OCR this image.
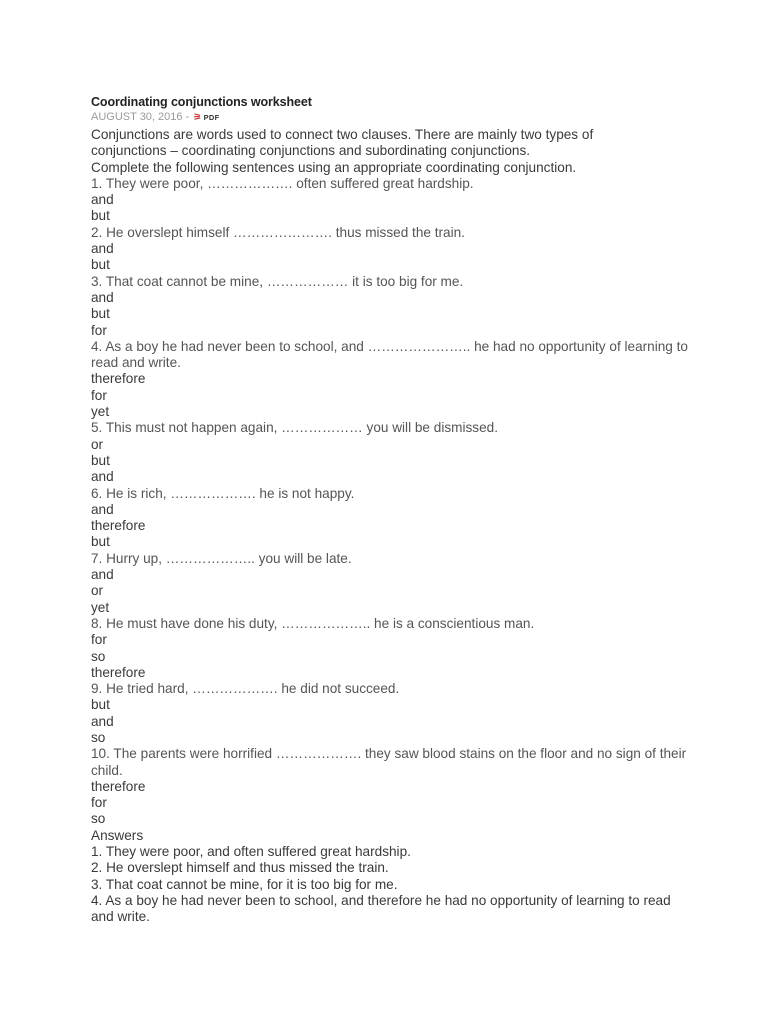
Coordinating conjunctions worksheet
AUGUST 30, 2016 - ⚞ PDF
Conjunctions are words used to connect two clauses. There are mainly two types of
conjunctions – coordinating conjunctions and subordinating conjunctions.
Complete the following sentences using an appropriate coordinating conjunction.
1. They were poor, ………………. often suffered great hardship.
and
but
2. He overslept himself …………………. thus missed the train.
and
but
3. That coat cannot be mine, ……………… it is too big for me.
and
but
for
4. As a boy he had never been to school, and ………………….. he had no opportunity of learning to read and write.
therefore
for
yet
5. This must not happen again, ……………… you will be dismissed.
or
but
and
6. He is rich, ………………. he is not happy.
and
therefore
but
7. Hurry up, ……………….. you will be late.
and
or
yet
8. He must have done his duty, ……………….. he is a conscientious man.
for
so
therefore
9. He tried hard, ………………. he did not succeed.
but
and
so
10. The parents were horrified ………………. they saw blood stains on the floor and no sign of their child.
therefore
for
so
Answers
1. They were poor, and often suffered great hardship.
2. He overslept himself and thus missed the train.
3. That coat cannot be mine, for it is too big for me.
4. As a boy he had never been to school, and therefore he had no opportunity of learning to read and write.
